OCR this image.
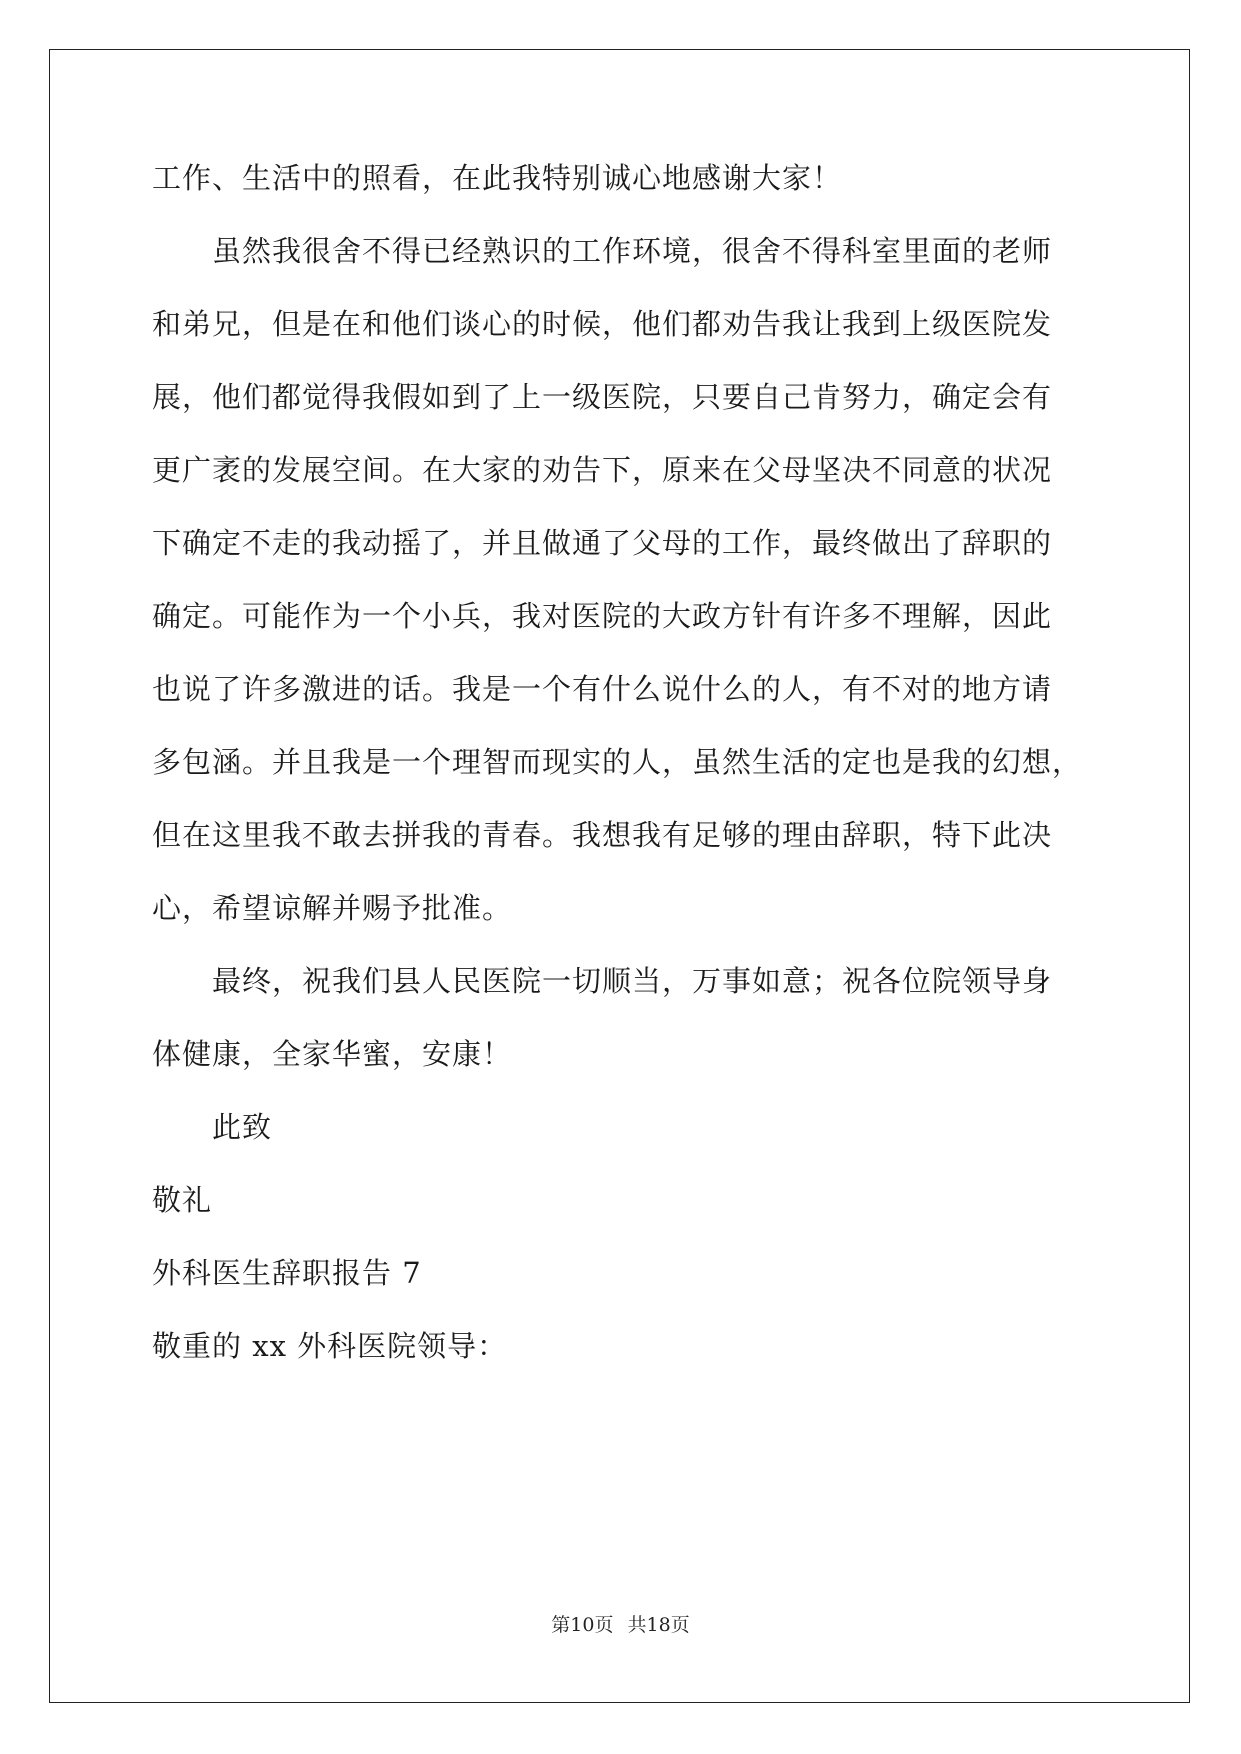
工作、生活中的照看，在此我特别诚心地感谢大家！
虽然我很舍不得已经熟识的工作环境，很舍不得科室里面的老师
和弟兄，但是在和他们谈心的时候，他们都劝告我让我到上级医院发
展，他们都觉得我假如到了上一级医院，只要自己肯努力，确定会有
更广袤的发展空间。在大家的劝告下，原来在父母坚决不同意的状况
下确定不走的我动摇了，并且做通了父母的工作，最终做出了辞职的
确定。可能作为一个小兵，我对医院的大政方针有许多不理解，因此
也说了许多激进的话。我是一个有什么说什么的人，有不对的地方请
多包涵。并且我是一个理智而现实的人，虽然生活的定也是我的幻想，
但在这里我不敢去拼我的青春。我想我有足够的理由辞职，特下此决
心，希望谅解并赐予批准。
最终，祝我们县人民医院一切顺当，万事如意；祝各位院领导身
体健康，全家华蜜，安康！
此致
敬礼
外科医生辞职报告 7
敬重的 xx 外科医院领导：
第10页 共18页
